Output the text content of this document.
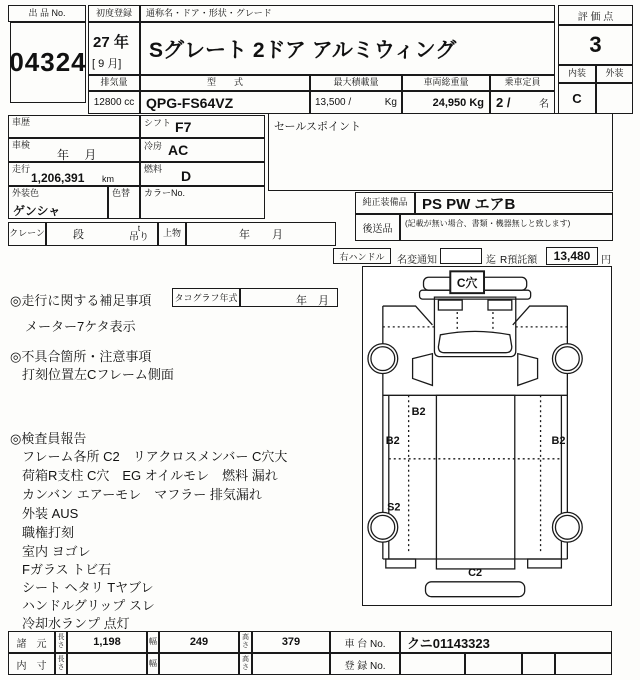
出 品 No.
04324
初度登録
27 年
[ 9 月]
通称名・ドア・形状・グレード
Sグレート 2ドア アルミウィング
排気量	型　　式	最大積載量	車両総重量	乗車定員
12800 cc QPG-FS64VZ	13,500 /	Kg	24,950 Kg 2 /	名
評 価 点
3
内装	外装
C
車歴	シフト F7
車検
年　 月
冷房 AC
走行
1,206,391 km
燃料 D
外装色
ゲンシャ
色替 カラーNo.
クレーン	段
t
吊り	上物	年　　月
セールスポイント
純正装備品 PS PW エアB
後送品
(記載が無い場合、書類・機器無しと致します)
右ハンドル	名変通知	迄 R預託額	13,480	円
◎走行に関する補足事項	タコグラフ年式	年　月
メーター7ケタ表示
◎不具合箇所・注意事項
打刻位置左Cフレーム側面
◎検査員報告
フレーム各所 C2　リアクロスメンバー C穴大
荷箱R支柱 C穴　EG オイルモレ　燃料 漏れ
カンバン エアーモレ　マフラー 排気漏れ
外装 AUS
職権打刻
室内 ヨゴレ
Fガラス トビ石
シート ヘタリ Tヤブレ
ハンドルグリップ スレ
冷却水ランプ 点灯
C穴
B2
B2	B2
S2
C2
諸　元
長さ	1,198	幅	249	高さ	379	車 台 No.	クニ01143323
内　寸
長さ	幅	高さ	登 録 No.
